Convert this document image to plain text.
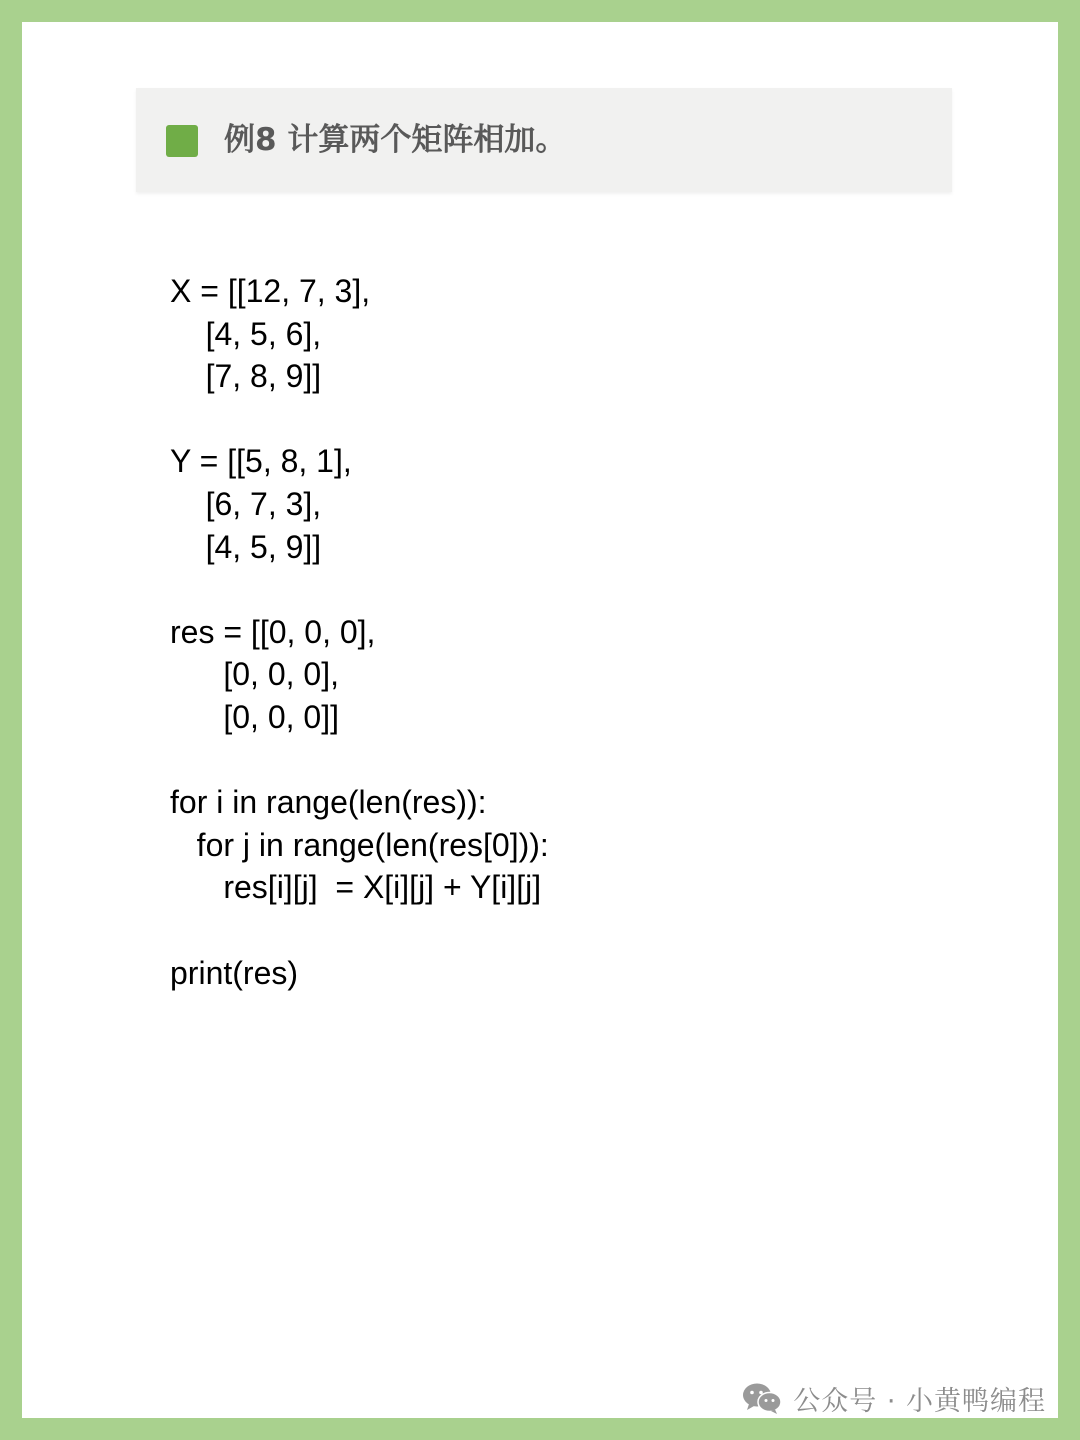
例8 计算两个矩阵相加。
X = [[12, 7, 3],
[4, 5, 6],
[7, 8, 9]]
Y = [[5, 8, 1],
[6, 7, 3],
[4, 5, 9]]
res = [[0, 0, 0],
[0, 0, 0],
[0, 0, 0]]
for i in range(len(res)):
for j in range(len(res[0])):
res[i][j]  = X[i][j] + Y[i][j]
print(res)
公众号 · 小黄鸭编程
